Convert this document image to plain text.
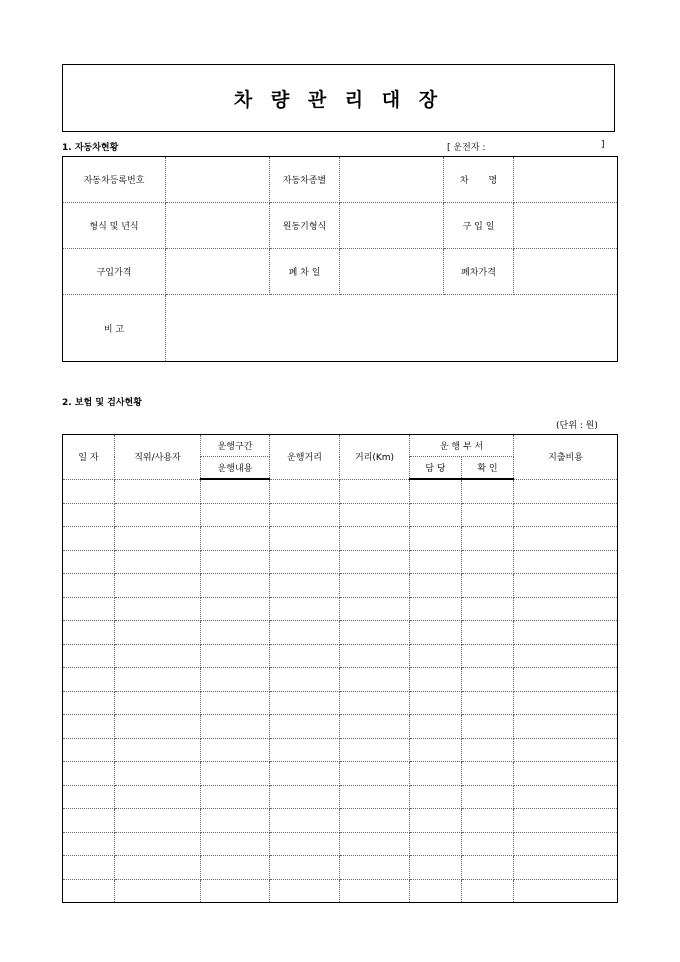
차 량 관 리 대 장
1. 자동차현황	[ 운전자 :	]
자동차등록번호		자동차종별		차       명	
형식 및 년식		원동기형식		구 입 일	
구입가격		폐 차 일		폐차가격	
비 고					
2. 보험 및 검사현황
(단위 : 원)
일 자	직위/사용자	운행구간	운행거리	거리(Km)	운 행 부 서		지출비용
		운행내용			담 당	확 인	
